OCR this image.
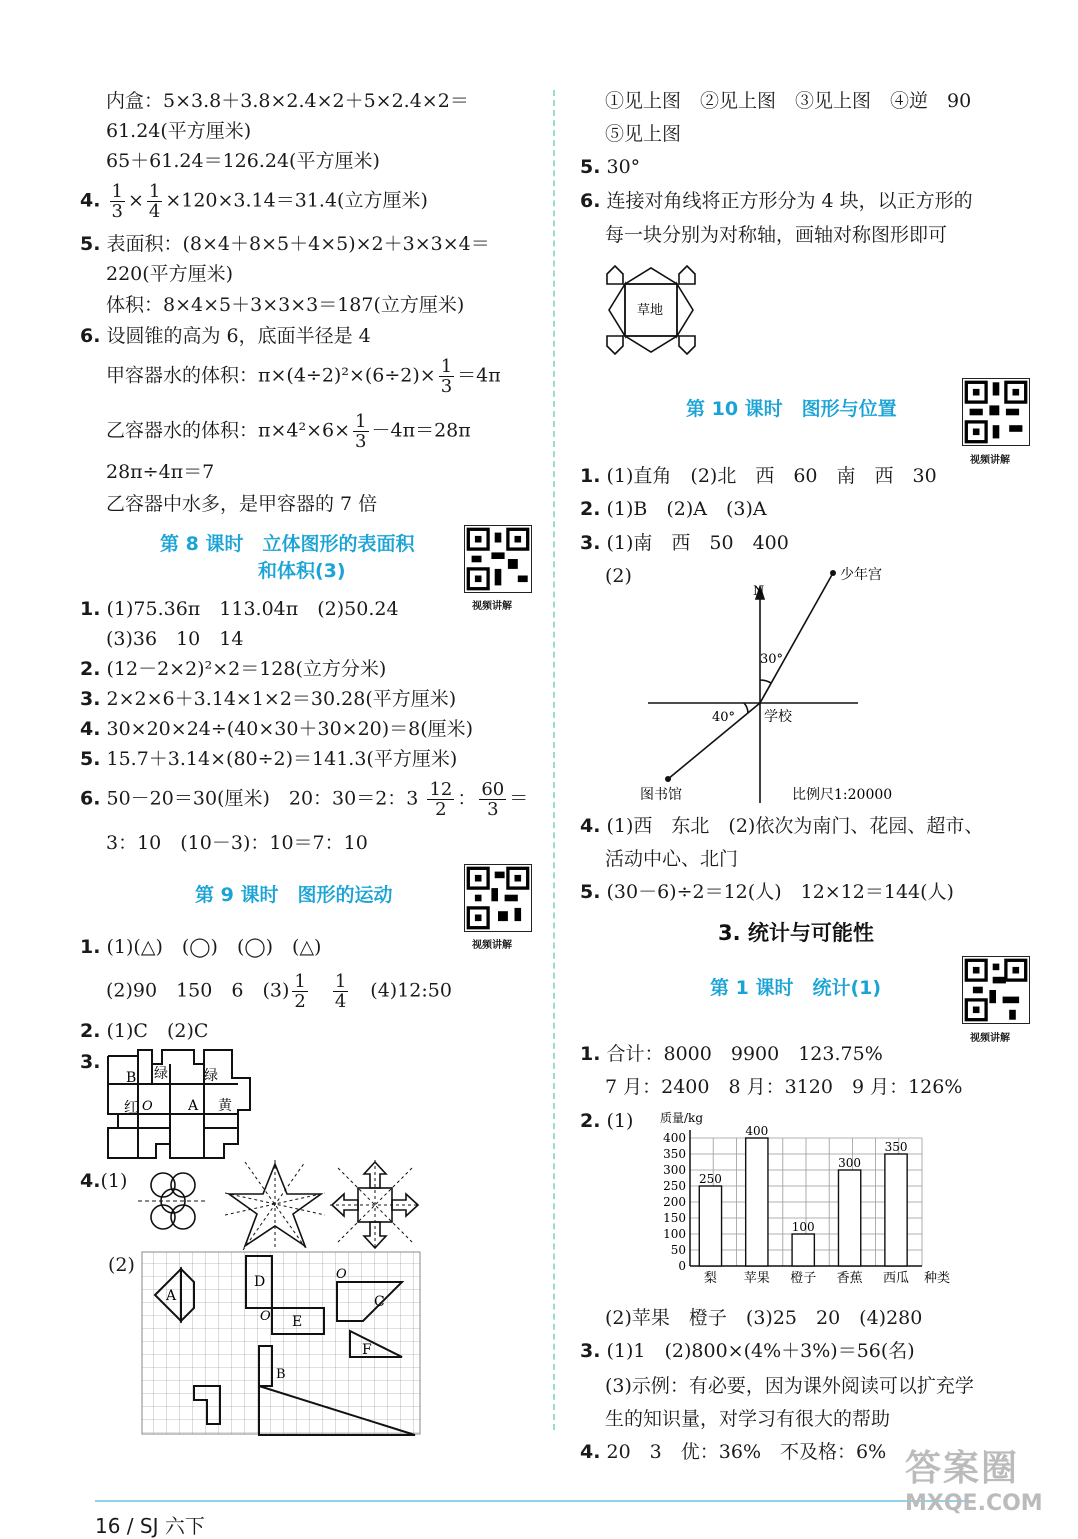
内盒：5×3.8＋3.8×2.4×2＋5×2.4×2＝
61.24(平方厘米)
65＋61.24＝126.24(平方厘米)
4. $\frac{1}{3} \times \frac{1}{4} \times 120\times 3.14=31.4$(立方厘米)
5. 表面积：(8×4＋8×5＋4×5)×2＋3×3×4＝
220(平方厘米)
体积：8×4×5＋3×3×3＝187(立方厘米)
6. 设圆锥的高为 6，底面半径是 4
甲容器水的体积：$\pi\times(4\div 2)^2\times(6\div 2)\times \frac{1}{3} =4\pi$
乙容器水的体积：$\pi\times 4^2\times 6\times \frac{1}{3} -4\pi=28\pi$
28π÷4π＝7
乙容器中水多，是甲容器的 7 倍
第 8 课时　立体图形的表面积
和体积(3)
视频讲解
1. (1)75.36π　113.04π　(2)50.24
(3)36　10　14
2. (12－2×2)²×2＝128(立方分米)
3. 2×2×6＋3.14×1×2＝30.28(平方厘米)
4. 30×20×24÷(40×30＋30×20)＝8(厘米)
5. 15.7＋3.14×(80÷2)＝141.3(平方厘米)
6. 50－20＝30(厘米)　20：30＝2：$3 \frac{12}{2}$ ： $\frac{60}{3}$ ＝
3：10　(10－3)：10＝7：10
第 9 课时　图形的运动
视频讲解
1. (1)(△)　(◯)　(◯)　(△)
(2)90　150　6　$(3) \frac{1}{2}$
　 $\frac{1}{4}$
　 (4)12:50
2. (1)C　(2)C
3.
B 绿	绿
红 O	A 黄
4.(1)
(2)
A
D	O
O
C
E
F
B
①见上图　②见上图　③见上图　④逆　90
⑤见上图
5. 30°
6. 连接对角线将正方形分为 4 块，以正方形的
每一块分别为对称轴，画轴对称图形即可
草地
第 10 课时　图形与位置
视频讲解
1. (1)直角　(2)北　西　60　南　西　30
2. (1)B　(2)A　(3)A
3. (1)南　西　50　400
(2)
N
少年宫
30°
40° 学校
图书馆	比例尺1:20000
4. (1)西　东北　(2)依次为南门、花园、超市、
活动中心、北门
5. (30－6)÷2＝12(人)　12×12＝144(人)
3. 统计与可能性
第 1 课时　统计(1)
视频讲解
1. 合计：8000　9900　123.75%
7 月：2400　8 月：3120　9 月：126%
2. (1)
0
50
100
150
200
250
300
350
400
质量/kg
种类
250
梨
400
苹果
100
橙子
300
香蕉
350
西瓜
(2)苹果　橙子　(3)25　20　(4)280
3. (1)1　(2)800×(4%＋3%)＝56(名)
(3)示例：有必要，因为课外阅读可以扩充学
生的知识量，对学习有很大的帮助
4. 20　3　优：36%　不及格：6%
16 / SJ 六下
答案圈
MXQE.COM
